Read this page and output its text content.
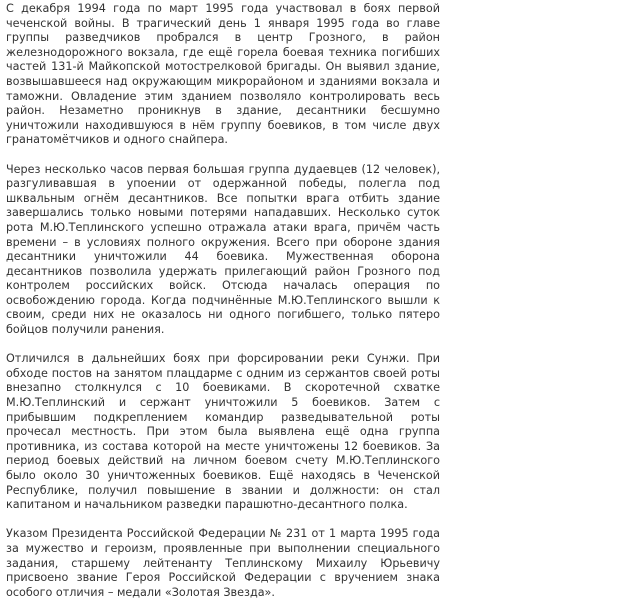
С декабря 1994 года по март 1995 года участвовал в боях первой чеченской войны. В трагический день 1 января 1995 года во главе группы разведчиков пробрался в центр Грозного, в район железнодорожного вокзала, где ещё горела боевая техника погибших частей 131-й Майкопской мотострелковой бригады. Он выявил здание, возвышавшееся над окружающим микрорайоном и зданиями вокзала и таможни. Овладение этим зданием позволяло контролировать весь район. Незаметно проникнув в здание, десантники бесшумно уничтожили находившуюся в нём группу боевиков, в том числе двух гранатомётчиков и одного снайпера.

Через несколько часов первая большая группа дудаевцев (12 человек), разгуливавшая в упоении от одержанной победы, полегла под шквальным огнём десантников. Все попытки врага отбить здание завершались только новыми потерями нападавших. Несколько суток рота М.Ю.Теплинского успешно отражала атаки врага, причём часть времени – в условиях полного окружения. Всего при обороне здания десантники уничтожили 44 боевика. Мужественная оборона десантников позволила удержать прилегающий район Грозного под контролем российских войск. Отсюда началась операция по освобождению города. Когда подчинённые М.Ю.Теплинского вышли к своим, среди них не оказалось ни одного погибшего, только пятеро бойцов получили ранения.

Отличился в дальнейших боях при форсировании реки Сунжи. При обходе постов на занятом плацдарме с одним из сержантов своей роты внезапно столкнулся с 10 боевиками. В скоротечной схватке М.Ю.Теплинский и сержант уничтожили 5 боевиков. Затем с прибывшим подкреплением командир разведывательной роты прочесал местность. При этом была выявлена ещё одна группа противника, из состава которой на месте уничтожены 12 боевиков. За период боевых действий на личном боевом счету М.Ю.Теплинского было около 30 уничтоженных боевиков. Ещё находясь в Чеченской Республике, получил повышение в звании и должности: он стал капитаном и начальником разведки парашютно-десантного полка.

Указом Президента Российской Федерации № 231 от 1 марта 1995 года за мужество и героизм, проявленные при выполнении специального задания, старшему лейтенанту Теплинскому Михаилу Юрьевичу присвоено звание Героя Российской Федерации с вручением знака особого отличия – медали «Золотая Звезда».
